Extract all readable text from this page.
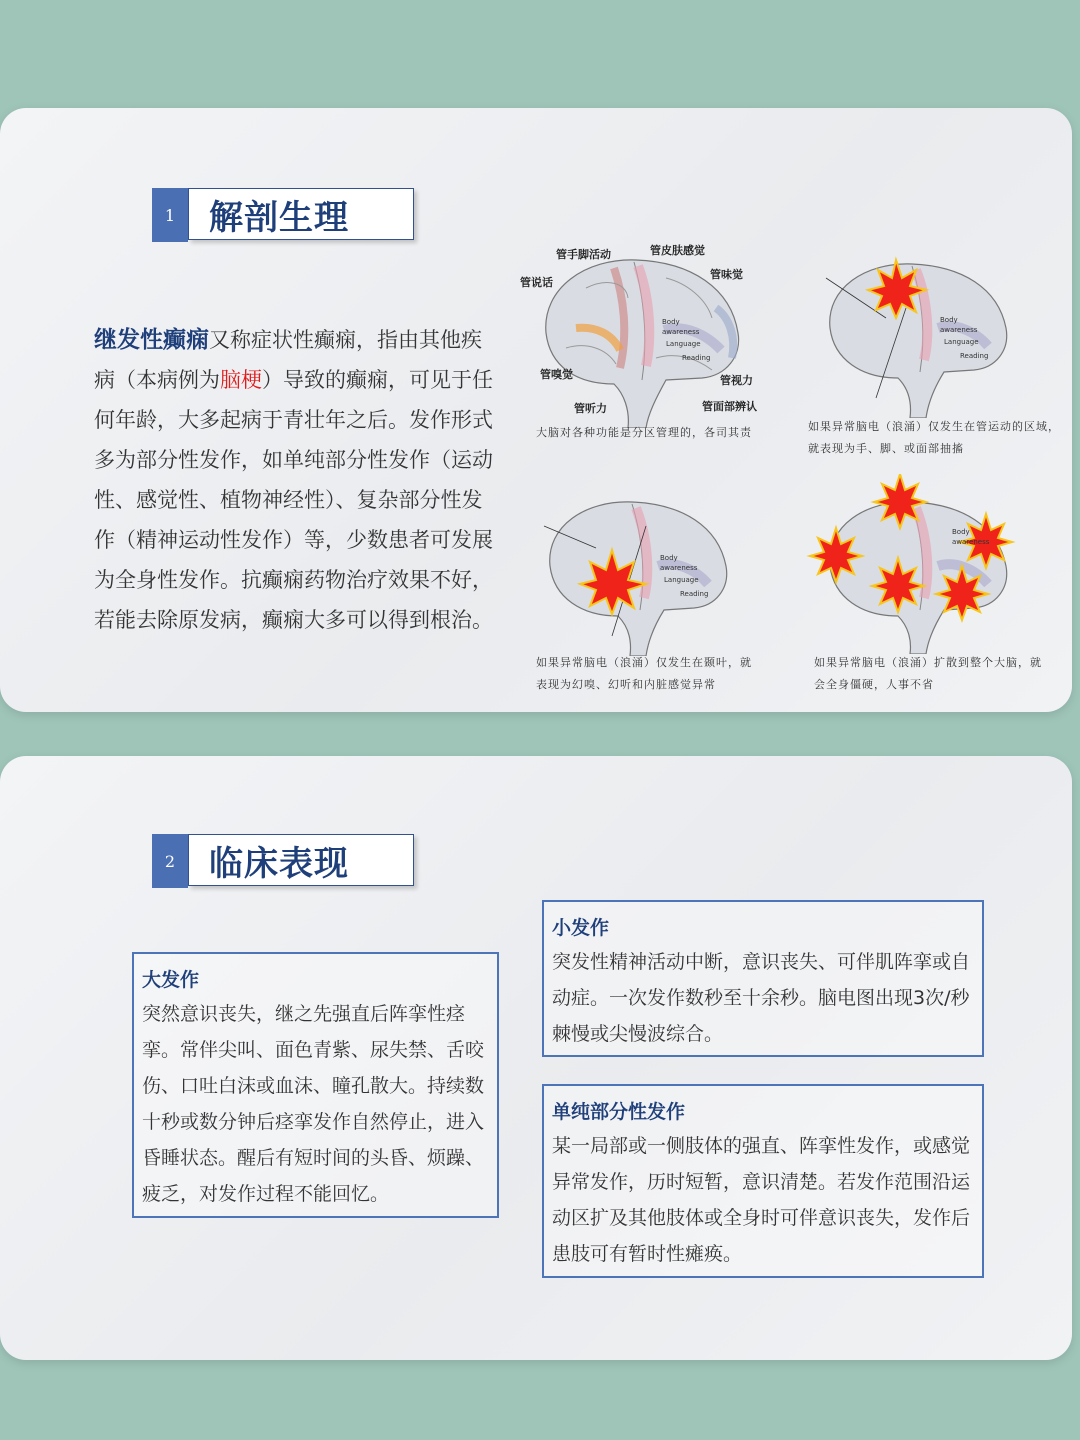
1 解剖生理
继发性癫痫又称症状性癫痫，指由其他疾病（本病例为脑梗）导致的癫痫，可见于任何年龄，大多起病于青壮年之后。发作形式多为部分性发作，如单纯部分性发作（运动性、感觉性、植物神经性）、复杂部分性发作（精神运动性发作）等，少数患者可发展为全身性发作。抗癫痫药物治疗效果不好，若能去除原发病，癫痫大多可以得到根治。
Body
awareness
Language
Reading
管手脚活动	管皮肤感觉
管味觉
管说话
管嗅觉	管视力
管听力	管面部辨认
大脑对各种功能是分区管理的，各司其责
Body
awareness
Language
Reading
如果异常脑电（浪涌）仅发生在管运动的区域，
就表现为手、脚、或面部抽搐
Body
awareness
Language
Reading
如果异常脑电（浪涌）仅发生在颞叶，就
表现为幻嗅、幻听和内脏感觉异常
Body
awareness
如果异常脑电（浪涌）扩散到整个大脑，就
会全身僵硬，人事不省
2 临床表现
大发作
突然意识丧失，继之先强直后阵挛性痉挛。常伴尖叫、面色青紫、尿失禁、舌咬伤、口吐白沫或血沫、瞳孔散大。持续数十秒或数分钟后痉挛发作自然停止，进入昏睡状态。醒后有短时间的头昏、烦躁、疲乏，对发作过程不能回忆。
小发作
突发性精神活动中断，意识丧失、可伴肌阵挛或自动症。一次发作数秒至十余秒。脑电图出现3次/秒棘慢或尖慢波综合。
单纯部分性发作
某一局部或一侧肢体的强直、阵挛性发作，或感觉异常发作，历时短暂，意识清楚。若发作范围沿运动区扩及其他肢体或全身时可伴意识丧失，发作后患肢可有暂时性瘫痪。
